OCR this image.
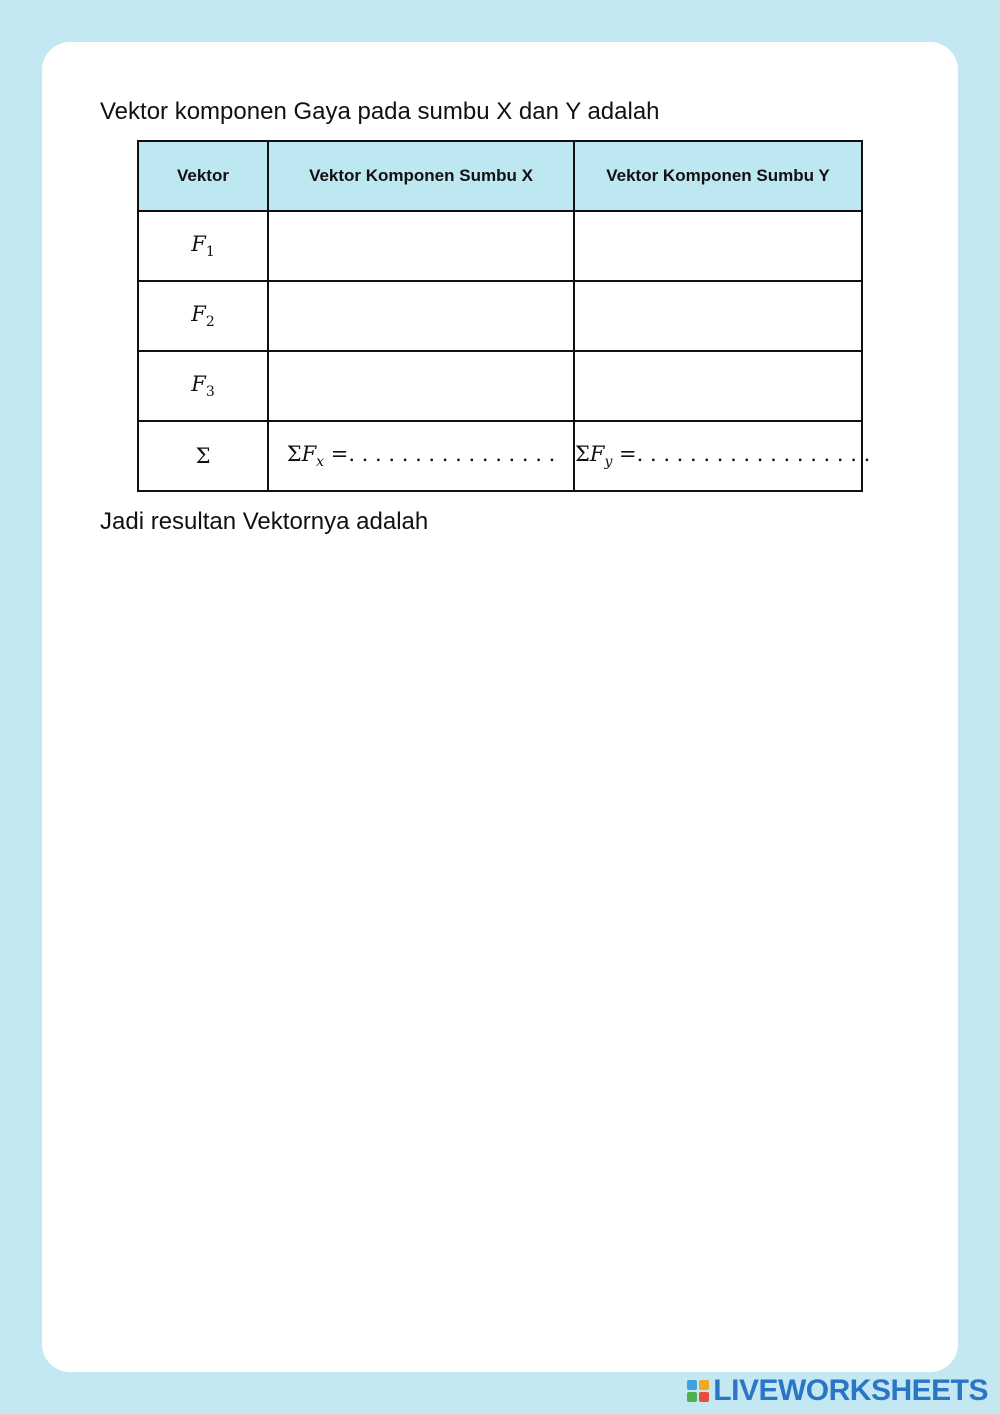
Vektor komponen Gaya pada sumbu X dan Y adalah
Vektor	Vektor Komponen Sumbu X	Vektor Komponen Sumbu Y
$F_1$		
$F_2$		
$F_3$		
Σ	$\Sigma F_x$ =. . . . . . . . . . . . . . . .	$\Sigma F_y$ =. . . . . . . . . . . . . . . . . .
Jadi resultan Vektornya adalah
LIVEWORKSHEETS
